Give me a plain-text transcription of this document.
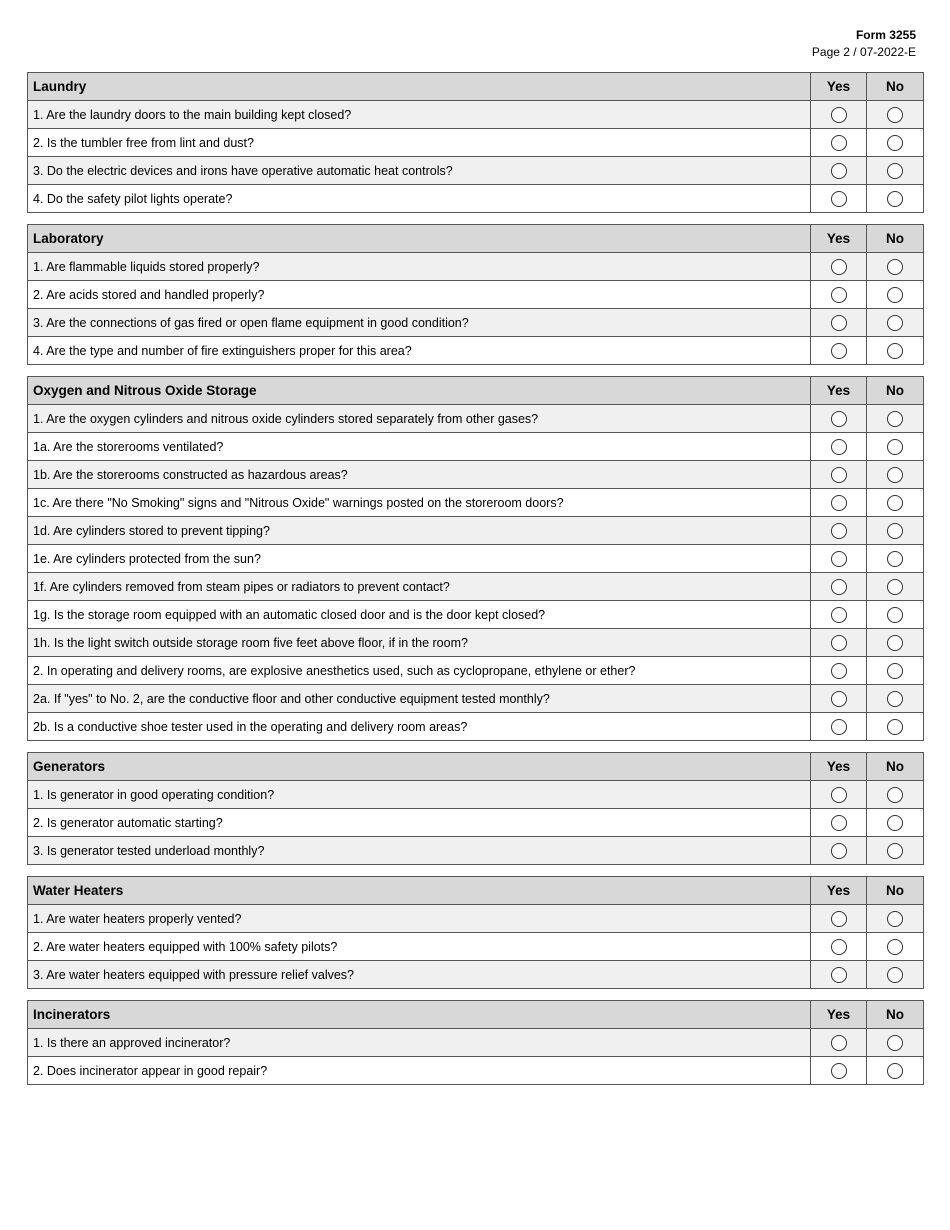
Form 3255
Page 2 / 07-2022-E
Laundry	Yes	No
1. Are the laundry doors to the main building kept closed?		
2. Is the tumbler free from lint and dust?		
3. Do the electric devices and irons have operative automatic heat controls?		
4. Do the safety pilot lights operate?		
Laboratory	Yes	No
1. Are flammable liquids stored properly?		
2. Are acids stored and handled properly?		
3. Are the connections of gas fired or open flame equipment in good condition?		
4. Are the type and number of fire extinguishers proper for this area?		
Oxygen and Nitrous Oxide Storage	Yes	No
1. Are the oxygen cylinders and nitrous oxide cylinders stored separately from other gases?		
1a. Are the storerooms ventilated?		
1b. Are the storerooms constructed as hazardous areas?		
1c. Are there "No Smoking" signs and "Nitrous Oxide" warnings posted on the storeroom doors?		
1d. Are cylinders stored to prevent tipping?		
1e. Are cylinders protected from the sun?		
1f. Are cylinders removed from steam pipes or radiators to prevent contact?		
1g. Is the storage room equipped with an automatic closed door and is the door kept closed?		
1h. Is the light switch outside storage room five feet above floor, if in the room?		
2. In operating and delivery rooms, are explosive anesthetics used, such as cyclopropane, ethylene or ether?		
2a. If "yes" to No. 2, are the conductive floor and other conductive equipment tested monthly?		
2b. Is a conductive shoe tester used in the operating and delivery room areas?		
Generators	Yes	No
1. Is generator in good operating condition?		
2. Is generator automatic starting?		
3. Is generator tested underload monthly?		
Water Heaters	Yes	No
1. Are water heaters properly vented?		
2. Are water heaters equipped with 100% safety pilots?		
3. Are water heaters equipped with pressure relief valves?		
Incinerators	Yes	No
1. Is there an approved incinerator?		
2. Does incinerator appear in good repair?		
